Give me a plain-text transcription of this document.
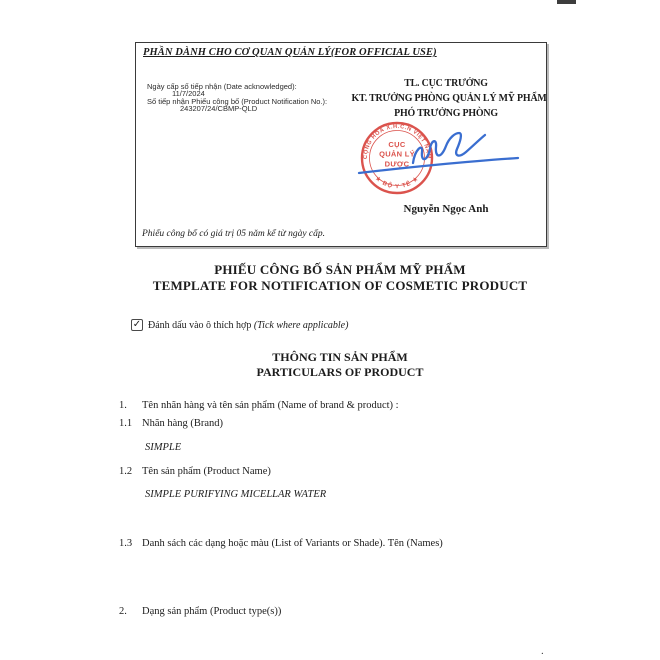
PHẦN DÀNH CHO CƠ QUAN QUẢN LÝ(FOR OFFICIAL USE)
Ngày cấp số tiếp nhận (Date acknowledged):
11/7/2024
Số tiếp nhận Phiếu công bố (Product Notification No.):
243207/24/CBMP-QLD
TL. CỤC TRƯỞNG
KT. TRƯỞNG PHÒNG QUẢN LÝ MỸ PHẨM
PHÓ TRƯỞNG PHÒNG
CỘNG HOÀ X.H.C.N VIỆT NAM
★ BỘ Y TẾ ★
CỤC
QUẢN LÝ
DƯỢC
Nguyễn Ngọc Anh
Phiếu công bố có giá trị 05 năm kể từ ngày cấp.
PHIẾU CÔNG BỐ SẢN PHẨM MỸ PHẨM
TEMPLATE FOR NOTIFICATION OF COSMETIC PRODUCT
✓ Đánh dấu vào ô thích hợp (Tick where applicable)
THÔNG TIN SẢN PHẨM
PARTICULARS OF PRODUCT
1. Tên nhãn hàng và tên sản phẩm (Name of brand & product) :
1.1 Nhãn hàng (Brand)
SIMPLE
1.2 Tên sản phẩm (Product Name)
SIMPLE PURIFYING MICELLAR WATER
1.3 Danh sách các dạng hoặc màu (List of Variants or Shade). Tên (Names)
2. Dạng sản phẩm (Product type(s))
.
